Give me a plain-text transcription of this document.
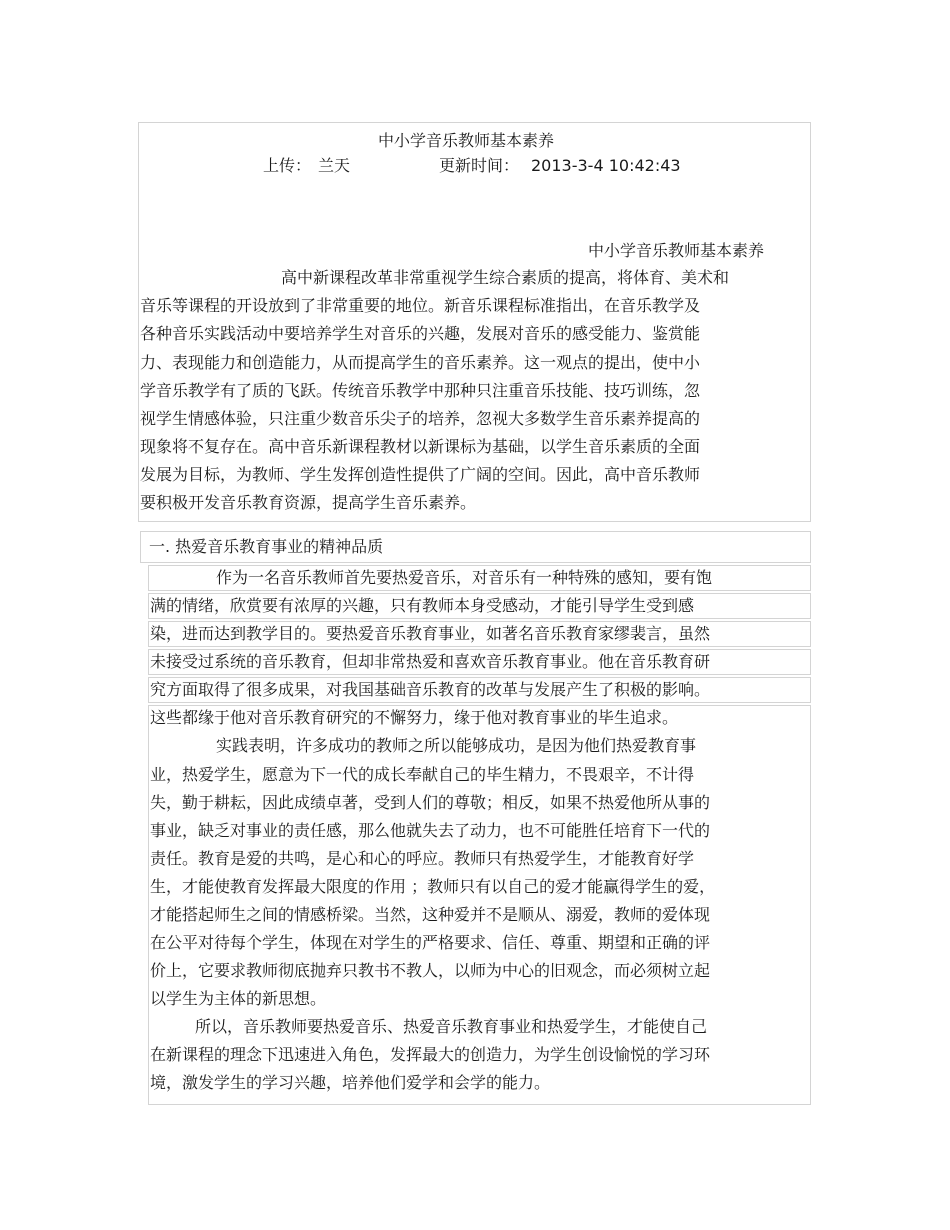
中小学音乐教师基本素养
上传： 兰天	更新时间： 2013-3-4 10:42:43
中小学音乐教师基本素养
高中新课程改革非常重视学生综合素质的提高，将体育、美术和
音乐等课程的开设放到了非常重要的地位。新音乐课程标准指出，在音乐教学及
各种音乐实践活动中要培养学生对音乐的兴趣，发展对音乐的感受能力、鉴赏能
力、表现能力和创造能力，从而提高学生的音乐素养。这一观点的提出，使中小
学音乐教学有了质的飞跃。传统音乐教学中那种只注重音乐技能、技巧训练，忽
视学生情感体验，只注重少数音乐尖子的培养，忽视大多数学生音乐素养提高的
现象将不复存在。高中音乐新课程教材以新课标为基础，以学生音乐素质的全面
发展为目标，为教师、学生发挥创造性提供了广阔的空间。因此，高中音乐教师
要积极开发音乐教育资源，提高学生音乐素养。
一. 热爱音乐教育事业的精神品质
作为一名音乐教师首先要热爱音乐，对音乐有一种特殊的感知，要有饱
满的情绪，欣赏要有浓厚的兴趣，只有教师本身受感动，才能引导学生受到感
染，进而达到教学目的。要热爱音乐教育事业，如著名音乐教育家缪裴言，虽然
未接受过系统的音乐教育，但却非常热爱和喜欢音乐教育事业。他在音乐教育研
究方面取得了很多成果，对我国基础音乐教育的改革与发展产生了积极的影响。
这些都缘于他对音乐教育研究的不懈努力，缘于他对教育事业的毕生追求。
实践表明，许多成功的教师之所以能够成功，是因为他们热爱教育事
业，热爱学生，愿意为下一代的成长奉献自己的毕生精力，不畏艰辛，不计得
失，勤于耕耘，因此成绩卓著，受到人们的尊敬；相反，如果不热爱他所从事的
事业，缺乏对事业的责任感，那么他就失去了动力，也不可能胜任培育下一代的
责任。教育是爱的共鸣，是心和心的呼应。教师只有热爱学生，才能教育好学
生，才能使教育发挥最大限度的作用 ；教师只有以自己的爱才能赢得学生的爱，
才能搭起师生之间的情感桥梁。当然，这种爱并不是顺从、溺爱，教师的爱体现
在公平对待每个学生，体现在对学生的严格要求、信任、尊重、期望和正确的评
价上，它要求教师彻底抛弃只教书不教人，以师为中心的旧观念，而必须树立起
以学生为主体的新思想。
所以，音乐教师要热爱音乐、热爱音乐教育事业和热爱学生，才能使自己
在新课程的理念下迅速进入角色，发挥最大的创造力，为学生创设愉悦的学习环
境，激发学生的学习兴趣，培养他们爱学和会学的能力。
